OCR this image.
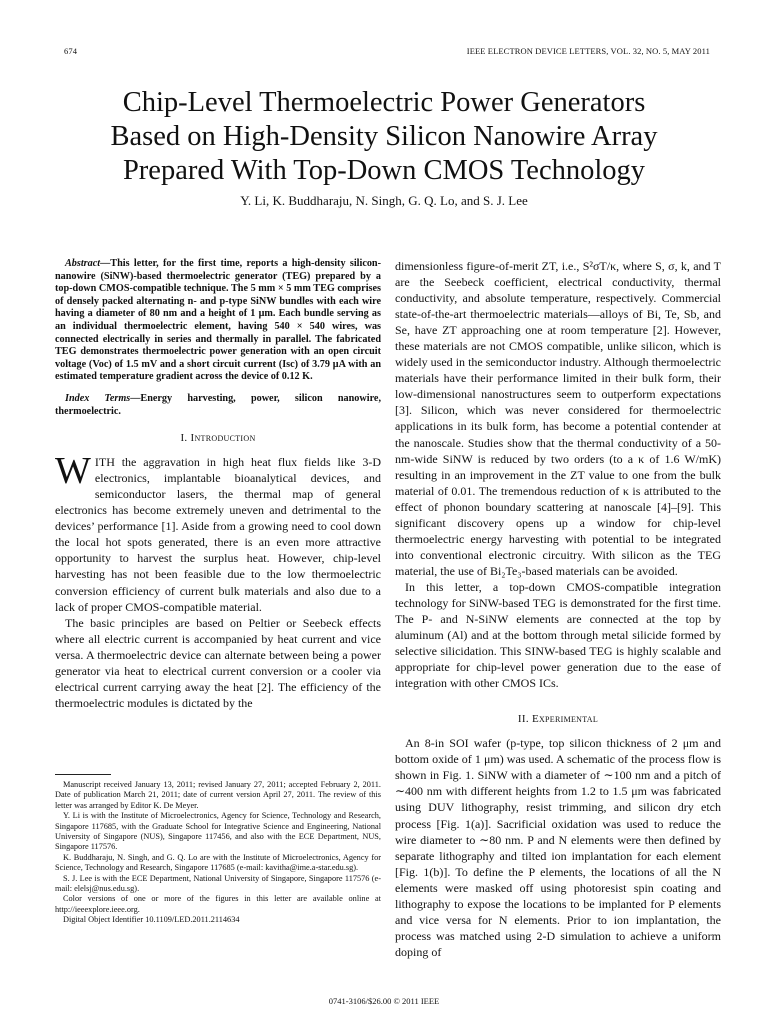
674	IEEE ELECTRON DEVICE LETTERS, VOL. 32, NO. 5, MAY 2011
Chip-Level Thermoelectric Power Generators
Based on High-Density Silicon Nanowire Array
Prepared With Top-Down CMOS Technology
Y. Li, K. Buddharaju, N. Singh, G. Q. Lo, and S. J. Lee

Abstract—This letter, for the first time, reports a high-density silicon-nanowire (SiNW)-based thermoelectric generator (TEG) prepared by a top-down CMOS-compatible technique. The 5 mm × 5 mm TEG comprises of densely packed alternating n- and p-type SiNW bundles with each wire having a diameter of 80 nm and a height of 1 μm. Each bundle serving as an individual thermoelectric element, having 540 × 540 wires, was connected electrically in series and thermally in parallel. The fabricated TEG demonstrates thermoelectric power generation with an open circuit voltage (Voc) of 1.5 mV and a short circuit current (Isc) of 3.79 μA with an estimated temperature gradient across the device of 0.12 K.

Index Terms—Energy harvesting, power, silicon nanowire, thermoelectric.

I. Introduction

WITH the aggravation in high heat flux fields like 3-D electronics, implantable bioanalytical devices, and semiconductor lasers, the thermal map of general electronics has become extremely uneven and detrimental to the devices’ performance [1]. Aside from a growing need to cool down the local hot spots generated, there is an even more attractive opportunity to harvest the surplus heat. However, chip-level harvesting has not been feasible due to the low thermoelectric conversion efficiency of current bulk materials and also due to a lack of proper CMOS-compatible material.

The basic principles are based on Peltier or Seebeck effects where all electric current is accompanied by heat current and vice versa. A thermoelectric device can alternate between being a power generator via heat to electrical current conversion or a cooler via electrical current carrying away the heat [2]. The efficiency of the thermoelectric modules is dictated by the

dimensionless figure-of-merit ZT, i.e., S²σT/κ, where S, σ, k, and T are the Seebeck coefficient, electrical conductivity, thermal conductivity, and absolute temperature, respectively. Commercial state-of-the-art thermoelectric materials—alloys of Bi, Te, Sb, and Se, have ZT approaching one at room temperature [2]. However, these materials are not CMOS compatible, unlike silicon, which is widely used in the semiconductor industry. Although thermoelectric materials have their performance limited in their bulk form, their low-dimensional nanostructures seem to outperform expectations [3]. Silicon, which was never considered for thermoelectric applications in its bulk form, has become a potential contender at the nanoscale. Studies show that the thermal conductivity of a 50-nm-wide SiNW is reduced by two orders (to a κ of 1.6 W/mK) resulting in an improvement in the ZT value to one from the bulk material of 0.01. The tremendous reduction of κ is attributed to the effect of phonon boundary scattering at nanoscale [4]–[9]. This significant discovery opens up a window for chip-level thermoelectric energy harvesting with potential to be integrated into conventional electronic circuitry. With silicon as the TEG material, the use of Bi₂Te₃-based materials can be avoided.

In this letter, a top-down CMOS-compatible integration technology for SiNW-based TEG is demonstrated for the first time. The P- and N-SiNW elements are connected at the top by aluminum (Al) and at the bottom through metal silicide formed by selective silicidation. This SINW-based TEG is highly scalable and appropriate for chip-level power generation due to the ease of integration with other CMOS ICs.

II. Experimental

An 8-in SOI wafer (p-type, top silicon thickness of 2 μm and bottom oxide of 1 μm) was used. A schematic of the process flow is shown in Fig. 1. SiNW with a diameter of ∼100 nm and a pitch of ∼400 nm with different heights from 1.2 to 1.5 μm was fabricated using DUV lithography, resist trimming, and silicon dry etch process [Fig. 1(a)]. Sacrificial oxidation was used to reduce the wire diameter to ∼80 nm. P and N elements were then defined by separate lithography and tilted ion implantation for each element [Fig. 1(b)]. To define the P elements, the locations of all the N elements were masked off using photoresist spin coating and lithography to expose the locations to be implanted for P elements and vice versa for N elements. Prior to ion implantation, the process was matched using 2-D simulation to achieve a uniform doping of

Manuscript received January 13, 2011; revised January 27, 2011; accepted February 2, 2011. Date of publication March 21, 2011; date of current version April 27, 2011. The review of this letter was arranged by Editor K. De Meyer.

Y. Li is with the Institute of Microelectronics, Agency for Science, Technology and Research, Singapore 117685, with the Graduate School for Integrative Science and Engineering, National University of Singapore (NUS), Singapore 117456, and also with the ECE Department, NUS, Singapore 117576.

K. Buddharaju, N. Singh, and G. Q. Lo are with the Institute of Microelectronics, Agency for Science, Technology and Research, Singapore 117685 (e-mail: kavitha@ime.a-star.edu.sg).

S. J. Lee is with the ECE Department, National University of Singapore, Singapore 117576 (e-mail: elelsj@nus.edu.sg).

Color versions of one or more of the figures in this letter are available online at http://ieeexplore.ieee.org.

Digital Object Identifier 10.1109/LED.2011.2114634

0741-3106/$26.00 © 2011 IEEE
